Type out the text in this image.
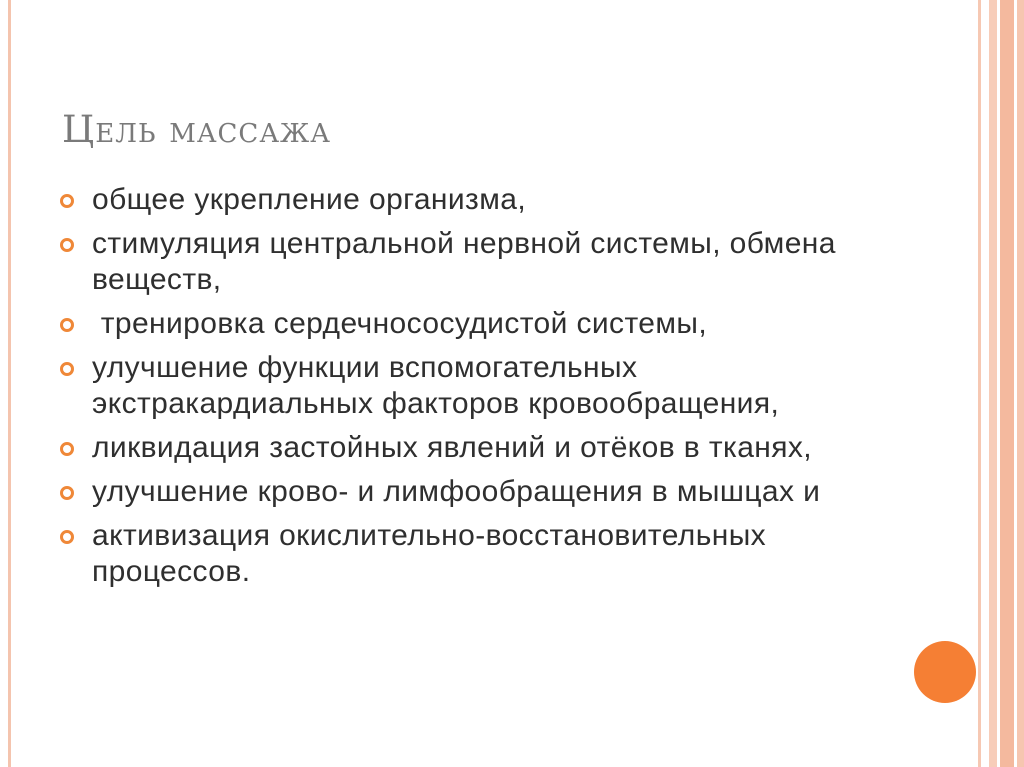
Цель массажа
общее укрепление организма,
стимуляция центральной нервной системы, обмена веществ,
тренировка сердечнососудистой системы,
улучшение функции вспомогательных экстракардиальных факторов кровообращения,
ликвидация застойных явлений и отёков в тканях,
улучшение крово- и лимфообращения в мышцах и
активизация окислительно-восстановительных процессов.
